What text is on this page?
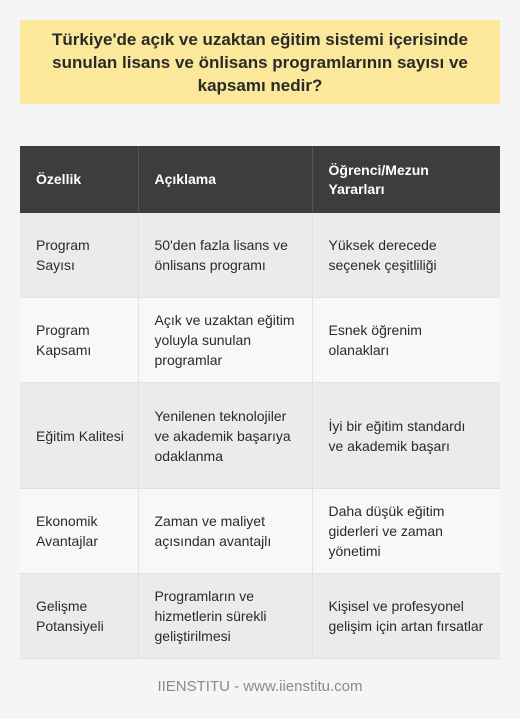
Türkiye'de açık ve uzaktan eğitim sistemi içerisinde sunulan lisans ve önlisans programlarının sayısı ve kapsamı nedir?
Özellik	Açıklama	Öğrenci/Mezun Yararları
Program Sayısı	50'den fazla lisans ve önlisans programı	Yüksek derecede seçenek çeşitliliği
Program Kapsamı	Açık ve uzaktan eğitim yoluyla sunulan programlar	Esnek öğrenim olanakları
Eğitim Kalitesi	Yenilenen teknolojiler ve akademik başarıya odaklanma	İyi bir eğitim standardı ve akademik başarı
Ekonomik Avantajlar	Zaman ve maliyet açısından avantajlı	Daha düşük eğitim giderleri ve zaman yönetimi
Gelişme Potansiyeli	Programların ve hizmetlerin sürekli geliştirilmesi	Kişisel ve profesyonel gelişim için artan fırsatlar
IIENSTITU - www.iienstitu.com
